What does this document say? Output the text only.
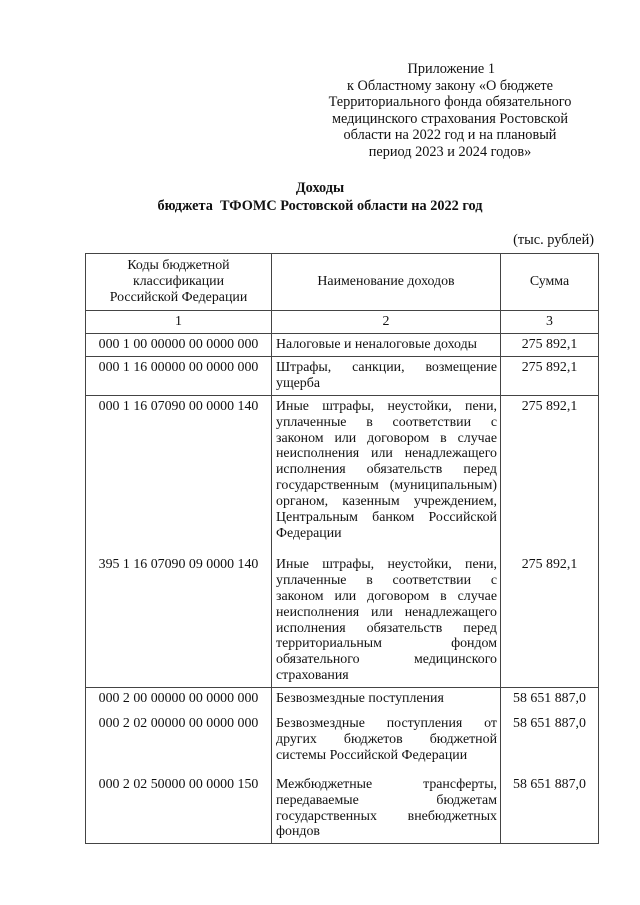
Приложение 1
к Областному закону «О бюджете
Территориального фонда обязательного
медицинского страхования Ростовской
области на 2022 год и на плановый
период 2023 и 2024 годов»
Доходы
бюджета  ТФОМС Ростовской области на 2022 год
(тыс. рублей)
Коды бюджетной классификации Российской Федерации	Наименование доходов	Сумма
1	2	3
000 1 00 00000 00 0000 000	Налоговые и неналоговые доходы	275 892,1
000 1 16 00000 00 0000 000	Штрафы, санкции, возмещение ущерба	275 892,1
000 1 16 07090 00 0000 140	Иные штрафы, неустойки, пени, уплаченные в соответствии с законом или договором в случае неисполнения или ненадлежащего исполнения обязательств перед государственным (муниципальным) органом, казенным учреждением, Центральным банком Российской Федерации	275 892,1
395 1 16 07090 09 0000 140	Иные штрафы, неустойки, пени, уплаченные в соответствии с законом или договором в случае неисполнения или ненадлежащего исполнения обязательств перед территориальным фондом обязательного медицинского страхования	275 892,1
000 2 00 00000 00 0000 000	Безвозмездные поступления	58 651 887,0
000 2 02 00000 00 0000 000	Безвозмездные поступления от других бюджетов бюджетной системы Российской Федерации	58 651 887,0
000 2 02 50000 00 0000 150	Межбюджетные трансферты, передаваемые бюджетам государственных внебюджетных фондов	58 651 887,0
